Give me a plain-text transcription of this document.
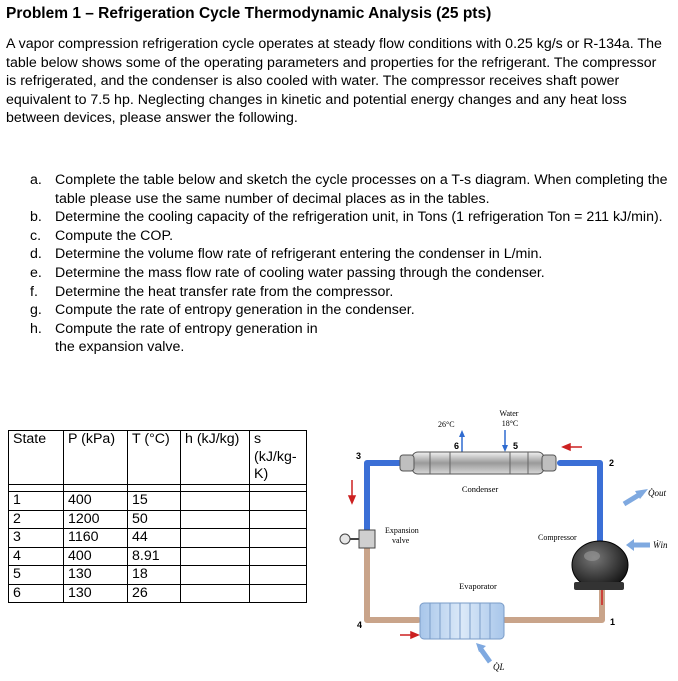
Problem 1 – Refrigeration Cycle Thermodynamic Analysis (25 pts)
A vapor compression refrigeration cycle operates at steady flow conditions with 0.25 kg/s or R-134a. The table below shows some of the operating parameters and properties for the refrigerant. The compressor is refrigerated, and the condenser is also cooled with water. The compressor receives shaft power equivalent to 7.5 hp. Neglecting changes in kinetic and potential energy changes and any heat loss between devices, please answer the following.
a. Complete the table below and sketch the cycle processes on a T-s diagram. When completing the table please use the same number of decimal places as in the tables.
b. Determine the cooling capacity of the refrigeration unit, in Tons (1 refrigeration Ton = 211 kJ/min).
c. Compute the COP.
d. Determine the volume flow rate of refrigerant entering the condenser in L/min.
e. Determine the mass flow rate of cooling water passing through the condenser.
f.	Determine the heat transfer rate from the compressor.
g. Compute the rate of entropy generation in the condenser.
h. Compute the rate of entropy generation in the expansion valve.
State	P (kPa)	T (°C)	h (kJ/kg)	s (kJ/kg-K)

1	400	15		
2	1200	50		
3	1160	44		
4	400	8.91		
5	130	18		
6	130	26		
Water
18°C
26°C
Condenser
Expansion
valve
Evaporator
Q̇L
Compressor
Q̇out
Ẇin
1
2
3
4
5
6
